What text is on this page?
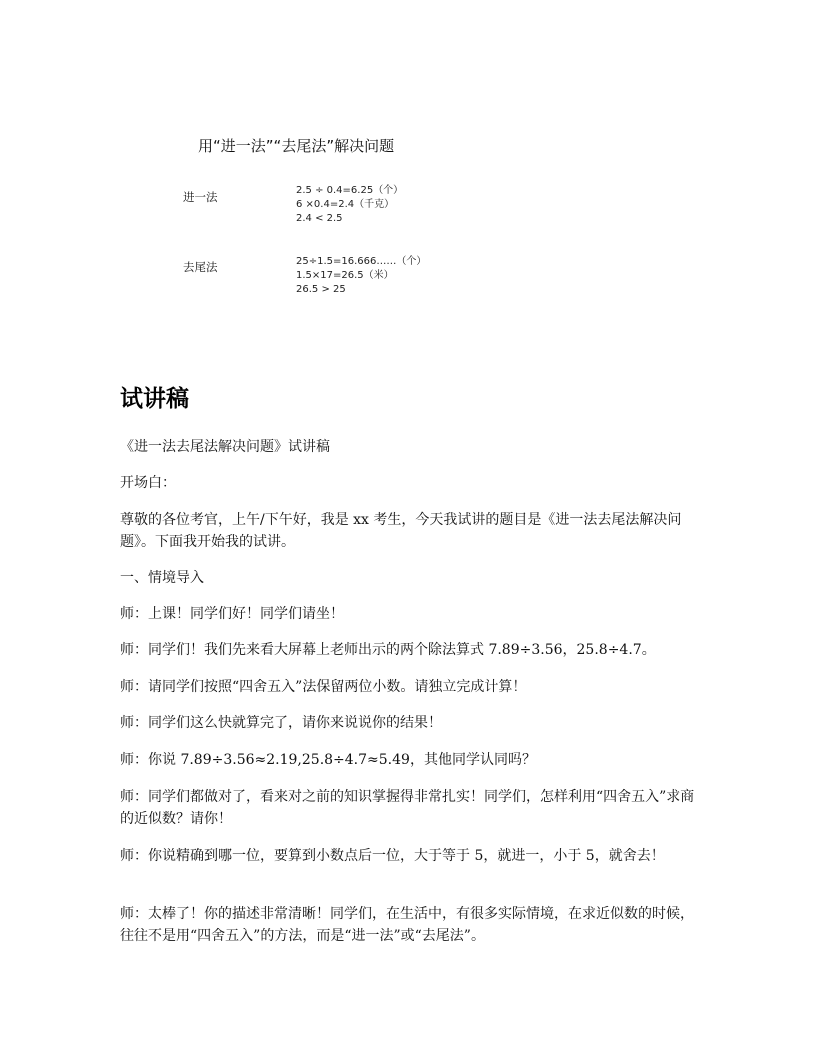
用“进一法”“去尾法”解决问题
进一法	2.5 ÷ 0.4=6.25（个）
6 ×0.4=2.4（千克）
2.4 < 2.5
去尾法	25÷1.5=16.666……（个）
1.5×17=26.5（米）
26.5 > 25
试讲稿
《进一法去尾法解决问题》试讲稿
开场白：
尊敬的各位考官，上午/下午好，我是 xx 考生，今天我试讲的题目是《进一法去尾法解决问题》。下面我开始我的试讲。
一、情境导入
师：上课！同学们好！同学们请坐！
师：同学们！我们先来看大屏幕上老师出示的两个除法算式 7.89÷3.56，25.8÷4.7。
师：请同学们按照“四舍五入”法保留两位小数。请独立完成计算！
师：同学们这么快就算完了，请你来说说你的结果！
师：你说 7.89÷3.56≈2.19,25.8÷4.7≈5.49，其他同学认同吗？
师：同学们都做对了，看来对之前的知识掌握得非常扎实！同学们，怎样利用“四舍五入”求商的近似数？请你！
师：你说精确到哪一位，要算到小数点后一位，大于等于 5，就进一，小于 5，就舍去！
师：太棒了！你的描述非常清晰！同学们，在生活中，有很多实际情境，在求近似数的时候，往往不是用“四舍五入”的方法，而是“进一法”或“去尾法”。
